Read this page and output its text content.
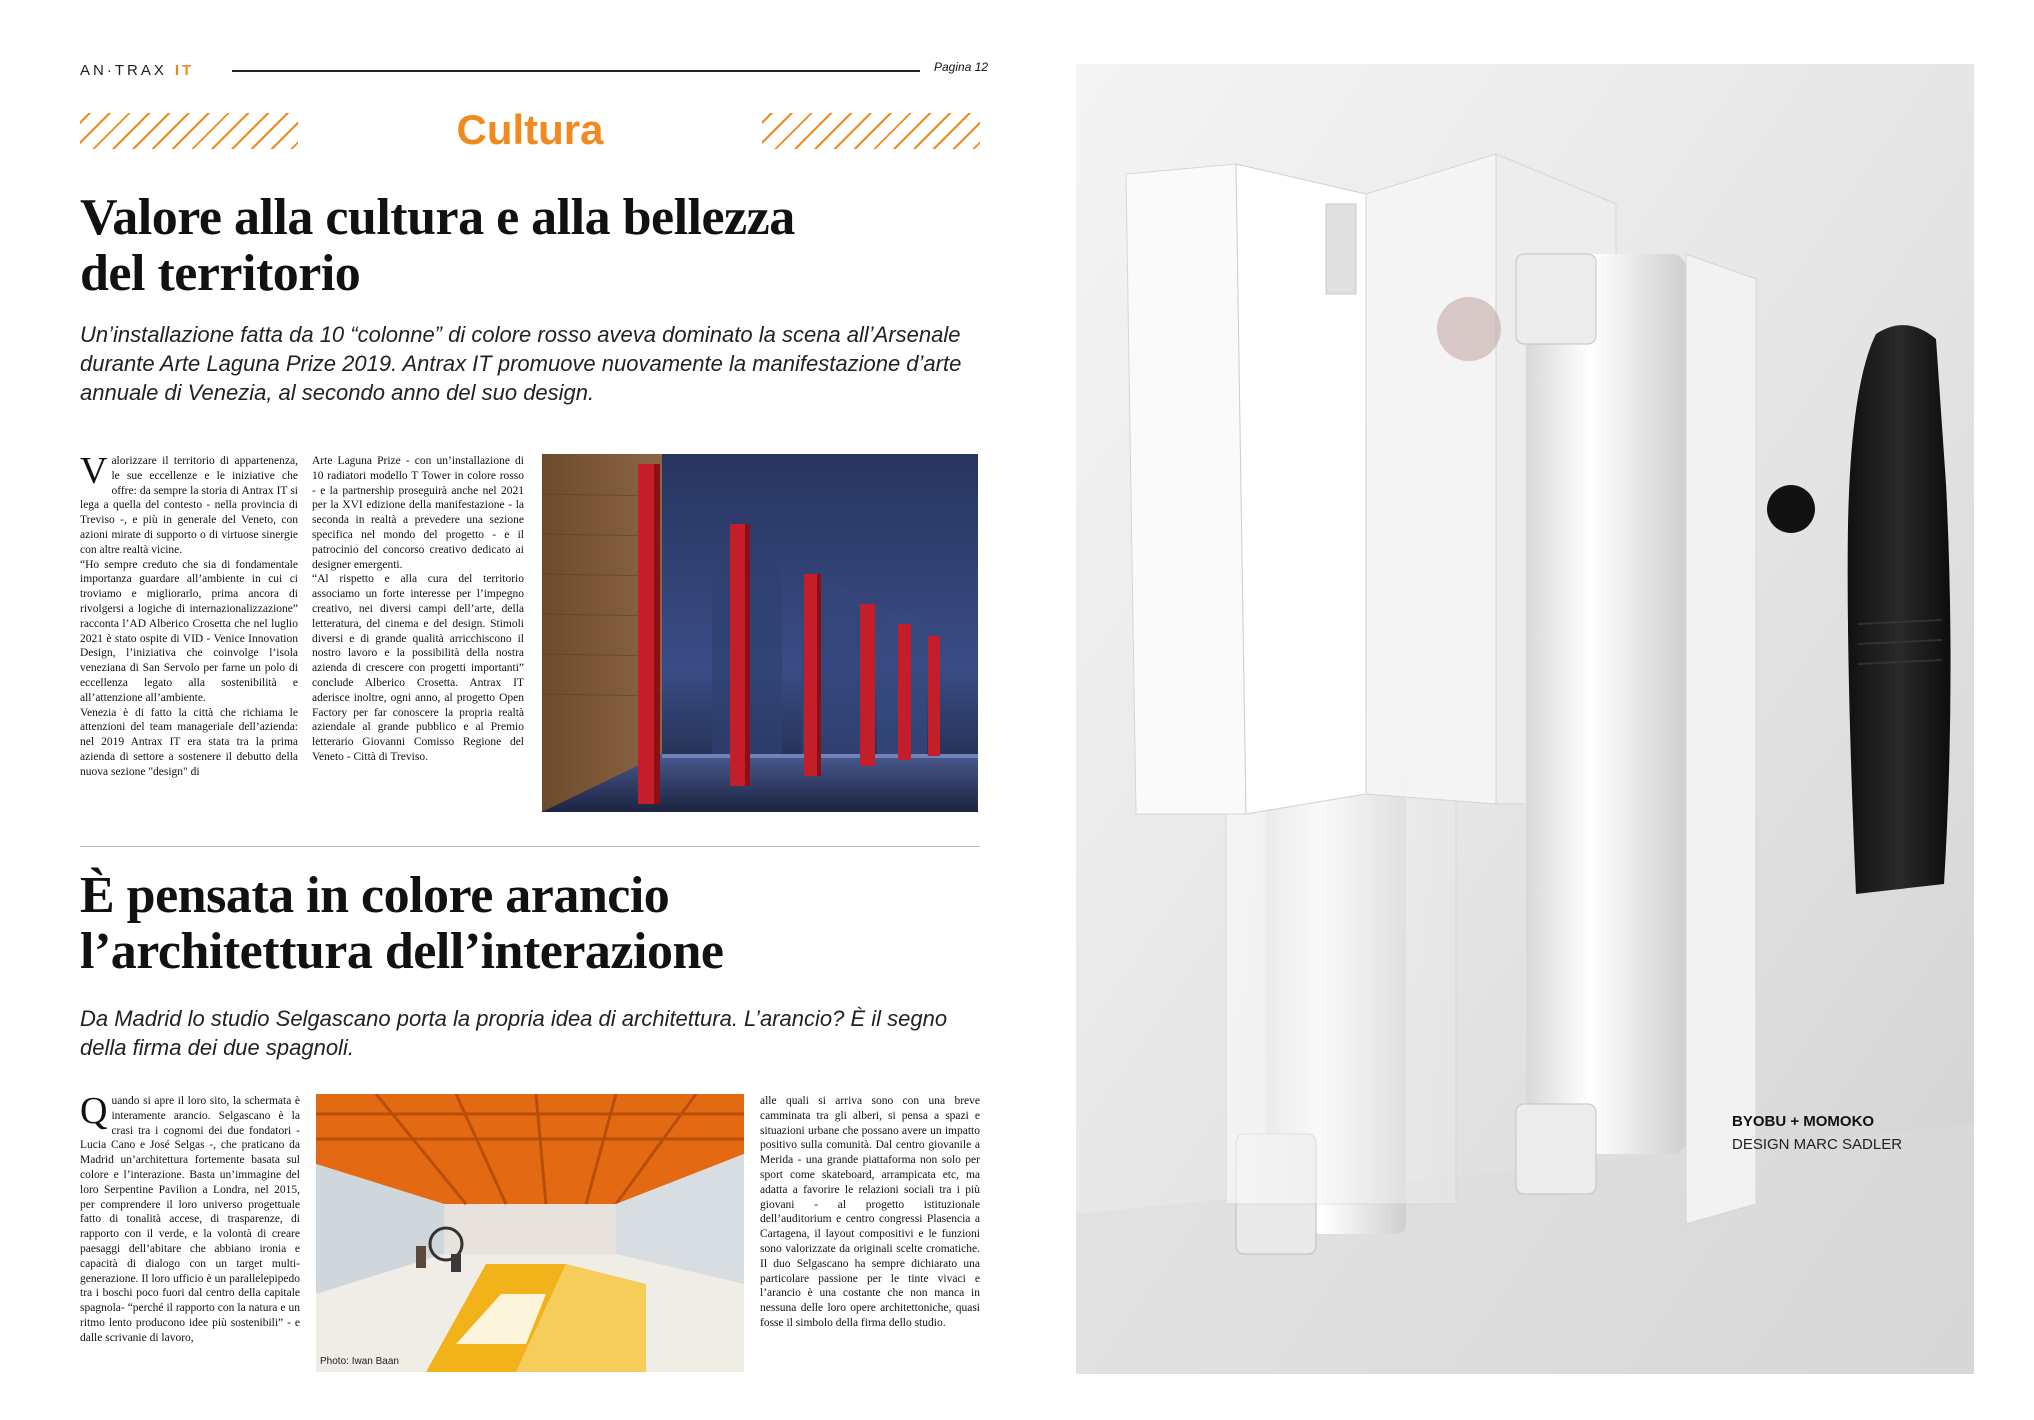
AN·TRAX IT	Pagina 12
Cultura
Valore alla cultura e alla bellezza
del territorio
Un’installazione fatta da 10 “colonne” di colore rosso aveva dominato la scena all’Arsenale durante Arte Laguna Prize 2019. Antrax IT promuove nuovamente la manifestazione d’arte annuale di Venezia, al secondo anno del suo design.
V alorizzare il territorio di appartenenza, le sue eccellenze e le iniziative che offre: da sempre la storia di Antrax IT si lega a quella del contesto - nella provincia di Treviso -, e più in generale del Veneto, con azioni mirate di supporto o di virtuose sinergie con altre realtà vicine.

“Ho sempre creduto che sia di fondamentale importanza guardare all’ambiente in cui ci troviamo e migliorarlo, prima ancora di rivolgersi a logiche di internazionalizzazione” racconta l’AD Alberico Crosetta che nel luglio 2021 è stato ospite di VID - Venice Innovation Design, l’iniziativa che coinvolge l’isola veneziana di San Servolo per farne un polo di eccellenza legato alla sostenibilità e all’attenzione all’ambiente.

Venezia è di fatto la città che richiama le attenzioni del team manageriale dell’azienda: nel 2019 Antrax IT era stata tra la prima azienda di settore a sostenere il debutto della nuova sezione "design" di

Arte Laguna Prize - con un’installazione di 10 radiatori modello T Tower in colore rosso - e la partnership proseguirà anche nel 2021 per la XVI edizione della manifestazione - la seconda in realtà a prevedere una sezione specifica nel mondo del progetto - e il patrocinio del concorso creativo dedicato ai designer emergenti.

“Al rispetto e alla cura del territorio associamo un forte interesse per l’impegno creativo, nei diversi campi dell’arte, della letteratura, del cinema e del design. Stimoli diversi e di grande qualità arricchiscono il nostro lavoro e la possibilità della nostra azienda di crescere con progetti importanti” conclude Alberico Crosetta. Antrax IT aderisce inoltre, ogni anno, al progetto Open Factory per far conoscere la propria realtà aziendale al grande pubblico e al Premio letterario Giovanni Comisso Regione del Veneto - Città di Treviso.

È pensata in colore arancio
l’architettura dell’interazione
Da Madrid lo studio Selgascano porta la propria idea di architettura. L’arancio? È il segno della firma dei due spagnoli.
Q uando si apre il loro sito, la schermata è interamente arancio. Selgascano è la crasi tra i cognomi dei due fondatori - Lucia Cano e José Selgas -, che praticano da Madrid un’architettura fortemente basata sul colore e l’interazione. Basta un’immagine del loro Serpentine Pavilion a Londra, nel 2015, per comprendere il loro universo progettuale fatto di tonalità accese, di trasparenze, di rapporto con il verde, e la volontà di creare paesaggi dell’abitare che abbiano ironia e capacità di dialogo con un target multi-generazione. Il loro ufficio è un parallelepipedo tra i boschi poco fuori dal centro della capitale spagnola- “perché il rapporto con la natura e un ritmo lento producono idee più sostenibili” - e dalle scrivanie di lavoro,

Photo: Iwan Baan

alle quali si arriva sono con una breve camminata tra gli alberi, si pensa a spazi e situazioni urbane che possano avere un impatto positivo sulla comunità. Dal centro giovanile a Merida - una grande piattaforma non solo per sport come skateboard, arrampicata etc, ma adatta a favorire le relazioni sociali tra i più giovani - al progetto istituzionale dell’auditorium e centro congressi Plasencia a Cartagena, il layout compositivi e le funzioni sono valorizzate da originali scelte cromatiche. Il duo Selgascano ha sempre dichiarato una particolare passione per le tinte vivaci e l’arancio è una costante che non manca in nessuna delle loro opere architettoniche, quasi fosse il simbolo della firma dello studio.

BYOBU + MOMOKO
DESIGN MARC SADLER
